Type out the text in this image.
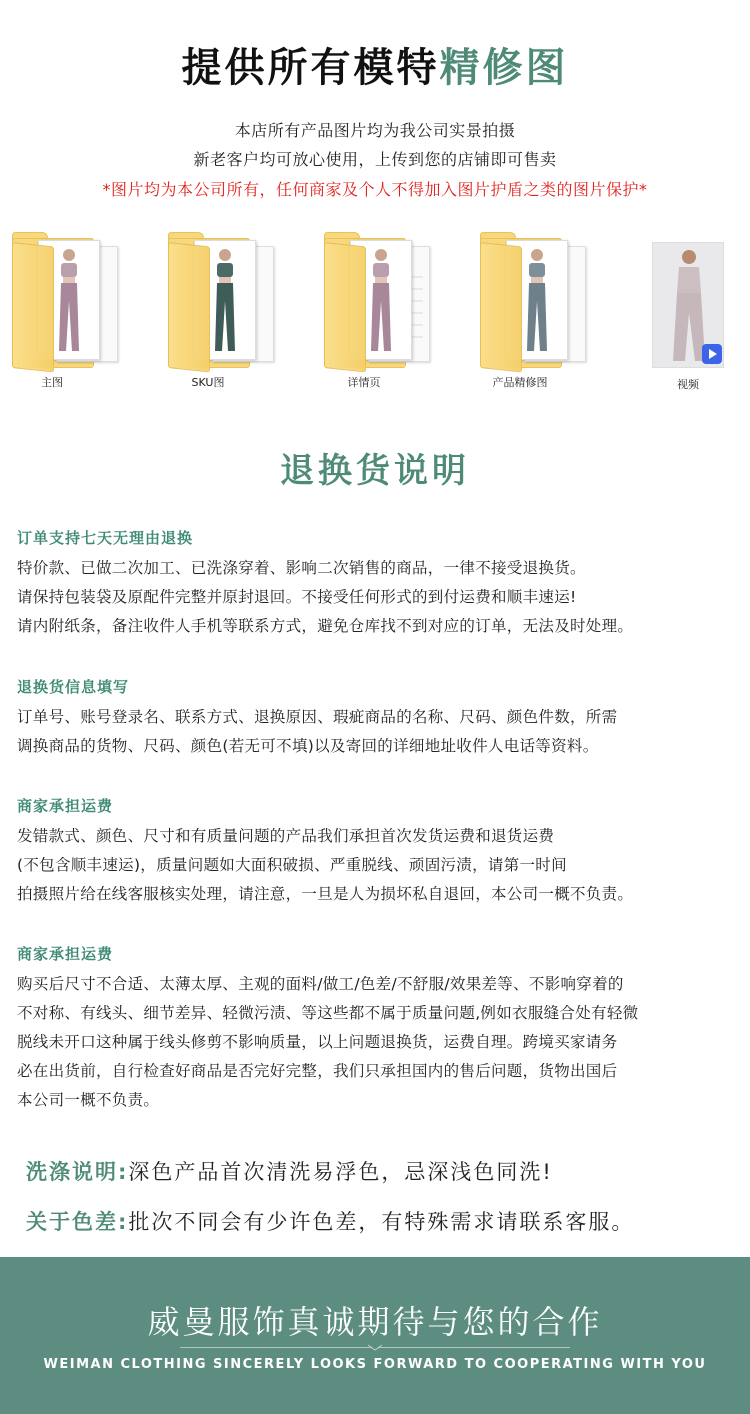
提供所有模特精修图
本店所有产品图片均为我公司实景拍摄
新老客户均可放心使用，上传到您的店铺即可售卖
*图片均为本公司所有，任何商家及个人不得加入图片护盾之类的图片保护*
主图	SKU图	详情页	产品精修图	视频
退换货说明
订单支持七天无理由退换
特价款、已做二次加工、已洗涤穿着、影响二次销售的商品，一律不接受退换货。
请保持包装袋及原配件完整并原封退回。不接受任何形式的到付运费和顺丰速运!
请内附纸条，备注收件人手机等联系方式，避免仓库找不到对应的订单，无法及时处理。
退换货信息填写
订单号、账号登录名、联系方式、退换原因、瑕疵商品的名称、尺码、颜色件数，所需
调换商品的货物、尺码、颜色(若无可不填)以及寄回的详细地址收件人电话等资料。
商家承担运费
发错款式、颜色、尺寸和有质量问题的产品我们承担首次发货运费和退货运费
(不包含顺丰速运)，质量问题如大面积破损、严重脱线、顽固污渍，请第一时间
拍摄照片给在线客服核实处理，请注意，一旦是人为损坏私自退回，本公司一概不负责。
商家承担运费
购买后尺寸不合适、太薄太厚、主观的面料/做工/色差/不舒服/效果差等、不影响穿着的
不对称、有线头、细节差异、轻微污渍、等这些都不属于质量问题,例如衣服缝合处有轻微
脱线未开口这种属于线头修剪不影响质量，以上问题退换货，运费自理。跨境买家请务
必在出货前，自行检查好商品是否完好完整，我们只承担国内的售后问题，货物出国后
本公司一概不负责。
洗涤说明:深色产品首次清洗易浮色，忌深浅色同洗!
关于色差:批次不同会有少许色差，有特殊需求请联系客服。
威曼服饰真诚期待与您的合作
WEIMAN CLOTHING SINCERELY LOOKS FORWARD TO COOPERATING WITH YOU
